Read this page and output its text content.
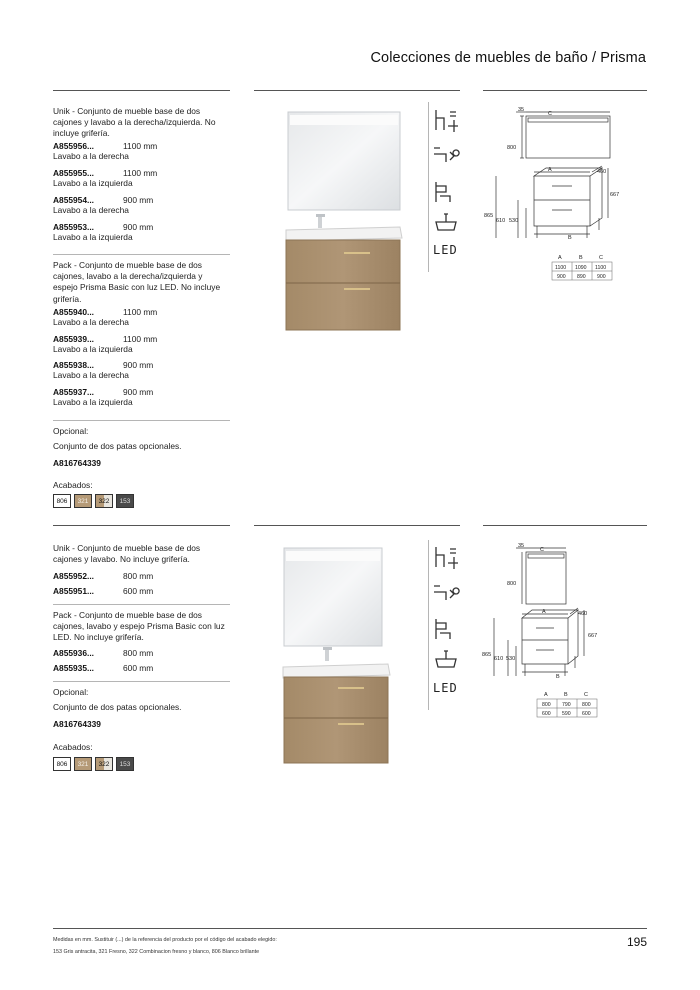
Colecciones de muebles de baño / Prisma
Unik - Conjunto de mueble base de dos
cajones y lavabo a la derecha/izquierda. No
incluye grifería.
A855956...	1100 mm
Lavabo a la derecha
A855955...	1100 mm
Lavabo a la izquierda
A855954...	900 mm
Lavabo a la derecha
A855953...	900 mm
Lavabo a la izquierda
Pack - Conjunto de mueble base de dos
cajones, lavabo a la derecha/izquierda y
espejo Prisma Basic con luz LED. No incluye
grifería.
A855940...	1100 mm
Lavabo a la derecha
A855939...	1100 mm
Lavabo a la izquierda
A855938...	900 mm
Lavabo a la derecha
A855937...	900 mm
Lavabo a la izquierda
Opcional:
Conjunto de dos patas opcionales.
A816764339
Acabados:
806	321	322	153
LED
35
C
800
A	460
667
865
610 530
B
A	B	C
1100 1090 1100
900 890 900
Unik - Conjunto de mueble base de dos
cajones y lavabo. No incluye grifería.
A855952...	800 mm
A855951...	600 mm
Pack - Conjunto de mueble base de dos
cajones, lavabo y espejo Prisma Basic con luz
LED. No incluye grifería.
A855936...	800 mm
A855935...	600 mm
Opcional:
Conjunto de dos patas opcionales.
A816764339
Acabados:
806	321	322	153
LED
35
C
800
A	460
667
865
610 530
B
A	B	C
800 790 800
600 590 600
Medidas en mm. Sustituir (...) de la referencia del producto por el código del acabado elegido:
153 Gris antracita, 321 Fresno, 322 Combinacion fresno y blanco, 806 Blanco brillante
195
